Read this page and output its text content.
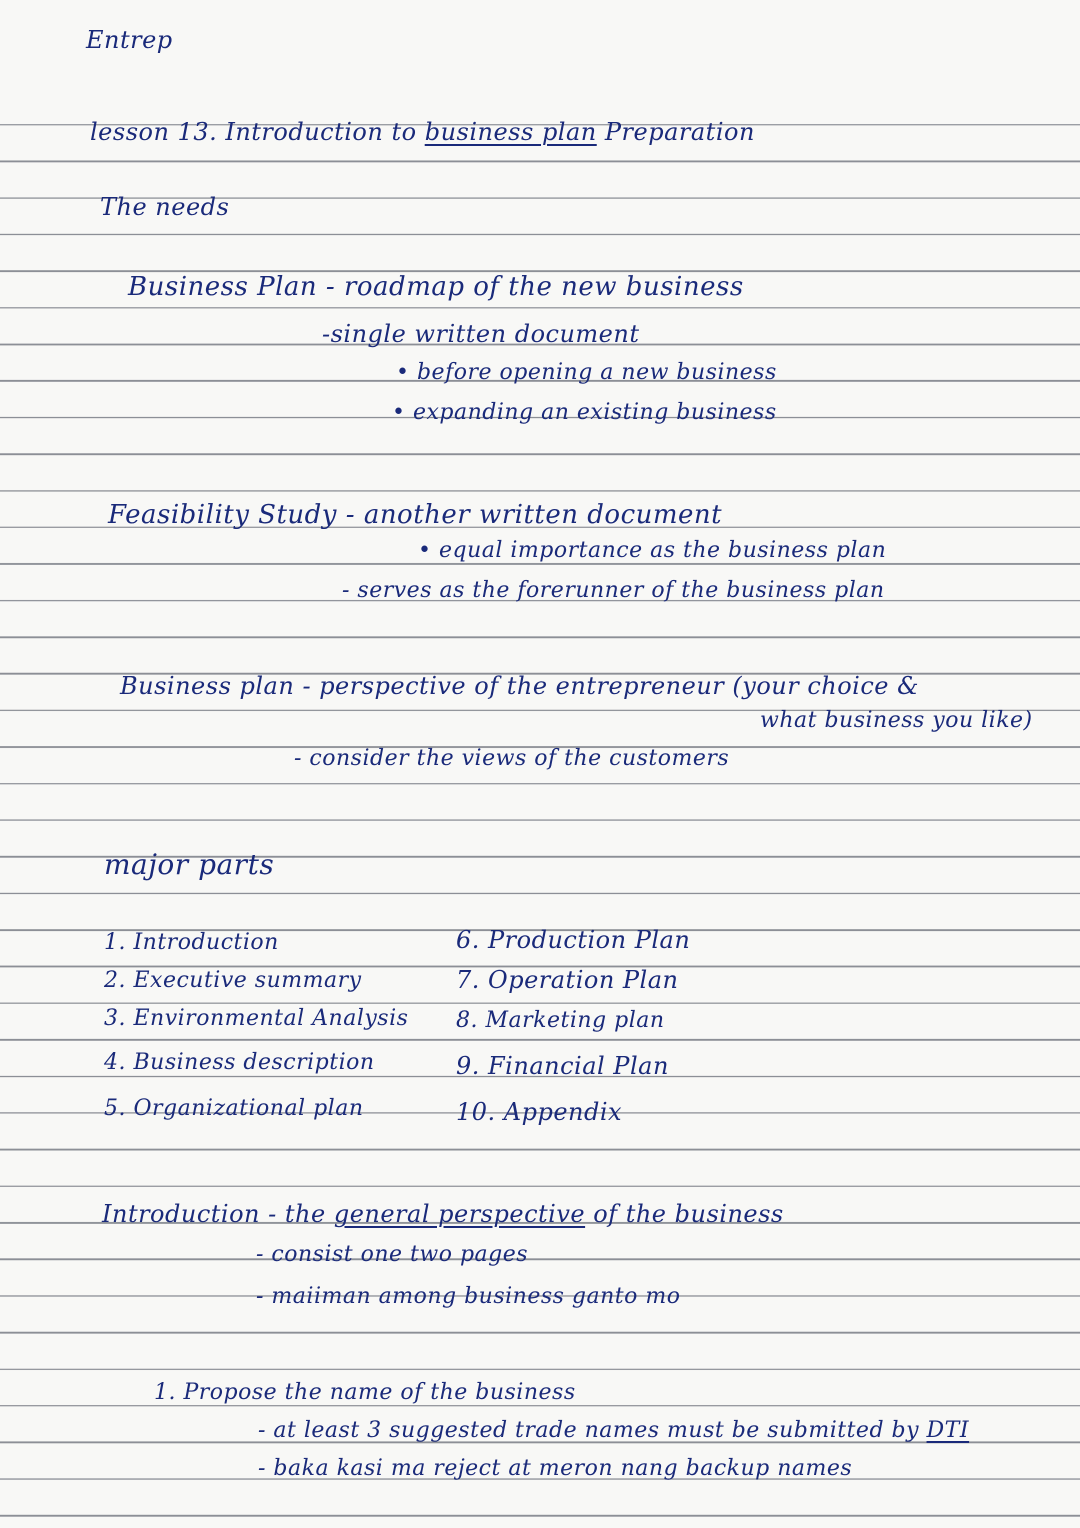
Entrep
lesson 13. Introduction to business plan Preparation
The needs
Business Plan - roadmap of the new business
-single written document
• before opening a new business
• expanding an existing business
Feasibility Study - another written document
• equal importance as the business plan
- serves as the forerunner of the business plan
Business plan - perspective of the entrepreneur (your choice &
what business you like)
- consider the views of the customers
major parts
1. Introduction
2. Executive summary
3. Environmental Analysis
4. Business description
5. Organizational plan
6. Production Plan
7. Operation Plan
8. Marketing plan
9. Financial Plan
10. Appendix
Introduction - the general perspective of the business
- consist one two pages
- maiiman among business ganto mo
1. Propose the name of the business
- at least 3 suggested trade names must be submitted by DTI
- baka kasi ma reject at meron nang backup names
